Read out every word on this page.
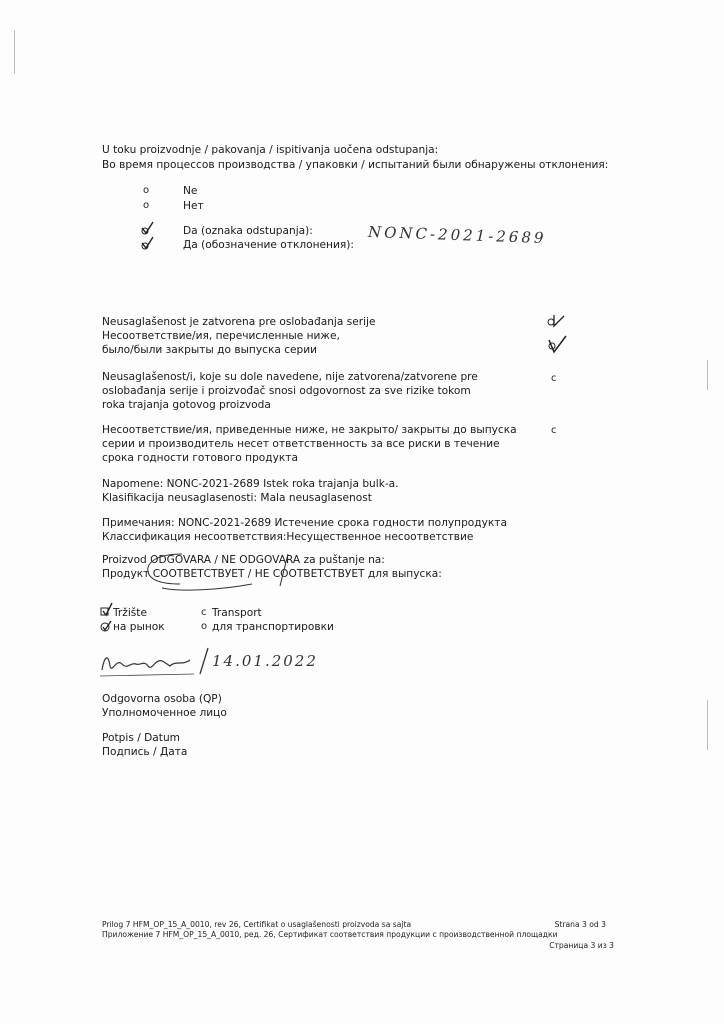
U toku proizvodnje / pakovanja / ispitivanja uočena odstupanja:
Во время процессов производства / упаковки / испытаний были обнаружены отклонения:
o	Ne
o	Нет
Da (oznaka odstupanja):
Да (обозначение отклонения): NONC-2021-2689
Neusaglašenost je zatvorena pre oslobađanja serije
Несоответствие/ия, перечисленные ниже,
было/были закрыты до выпуска серии
Neusaglašenost/i, koje su dole navedene, nije zatvorena/zatvorene pre
oslobađanja serije i proizvođač snosi odgovornost za sve rizike tokom
roka trajanja gotovog proizvoda
c
Несоответствие/ия, приведенные ниже, не закрыто/ закрыты до выпуска
серии и производитель несет ответственность за все риски в течение
срока годности готового продукта
c
Napomene: NONC-2021-2689 Istek roka trajanja bulk-a.
Klasifikacija neusaglasenosti: Mala neusaglasenost
Примечания: NONC-2021-2689 Истечение срока годности полупродукта
Классификация несоответствия:Несущественное несоответствие
Proizvod ODGOVARA / NE ODGOVARA za puštanje na:
Продукт СООТВЕТСТВУЕТ / НЕ СООТВЕТСТВУЕТ для выпуска:
Tržište
на рынок
c Transport
o для транспортировки
14.01.2022
Odgovorna osoba (QP)
Уполномоченное лицо
Potpis / Datum
Подпись / Дата
Prilog 7 HFM_OP_15_A_0010, rev 26, Certifikat o usaglašenosti proizvoda sa sajta
Приложение 7 HFM_OP_15_A_0010, ред. 26, Сертификат соответствия продукции с производственной площадки
Strana 3 od 3
Страница 3 из 3
